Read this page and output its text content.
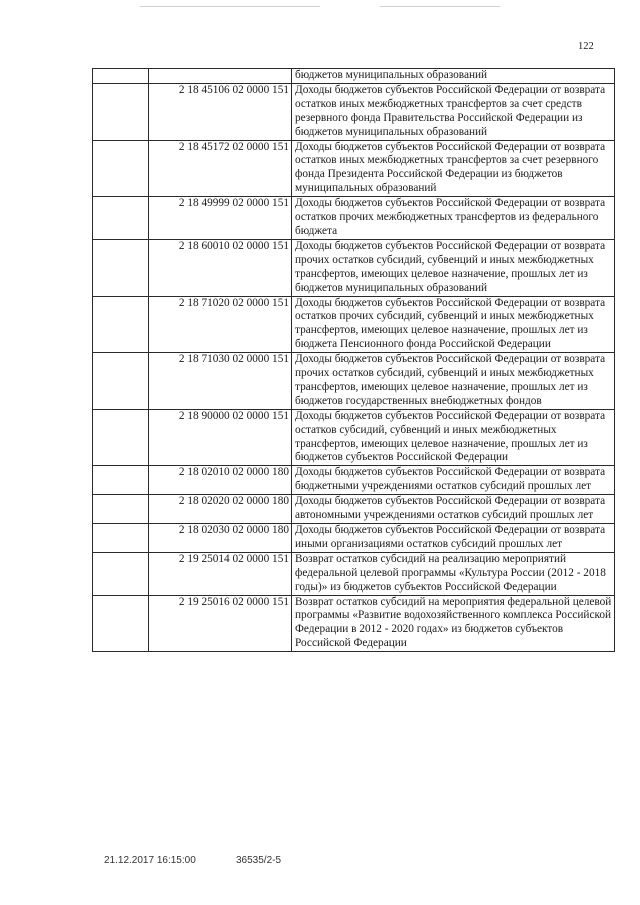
122
		бюджетов муниципальных образований
	2 18 45106 02 0000 151	Доходы бюджетов субъектов Российской Федерации от возврата остатков иных межбюджетных трансфертов за счет средств резервного фонда Правительства Российской Федерации из бюджетов муниципальных образований
	2 18 45172 02 0000 151	Доходы бюджетов субъектов Российской Федерации от возврата остатков иных межбюджетных трансфертов за счет резервного фонда Президента Российской Федерации из бюджетов муниципальных образований
	2 18 49999 02 0000 151	Доходы бюджетов субъектов Российской Федерации от возврата остатков прочих межбюджетных трансфертов из федерального бюджета
	2 18 60010 02 0000 151	Доходы бюджетов субъектов Российской Федерации от возврата прочих остатков субсидий, субвенций и иных межбюджетных трансфертов, имеющих целевое назначение, прошлых лет из бюджетов муниципальных образований
	2 18 71020 02 0000 151	Доходы бюджетов субъектов Российской Федерации от возврата остатков прочих субсидий, субвенций и иных межбюджетных трансфертов, имеющих целевое назначение, прошлых лет из бюджета Пенсионного фонда Российской Федерации
	2 18 71030 02 0000 151	Доходы бюджетов субъектов Российской Федерации от возврата прочих остатков субсидий, субвенций и иных межбюджетных трансфертов, имеющих целевое назначение, прошлых лет из бюджетов государственных внебюджетных фондов
	2 18 90000 02 0000 151	Доходы бюджетов субъектов Российской Федерации от возврата остатков субсидий, субвенций и иных межбюджетных трансфертов, имеющих целевое назначение, прошлых лет из бюджетов субъектов Российской Федерации
	2 18 02010 02 0000 180	Доходы бюджетов субъектов Российской Федерации от возврата бюджетными учреждениями остатков субсидий прошлых лет
	2 18 02020 02 0000 180	Доходы бюджетов субъектов Российской Федерации от возврата автономными учреждениями остатков субсидий прошлых лет
	2 18 02030 02 0000 180	Доходы бюджетов субъектов Российской Федерации от возврата иными организациями остатков субсидий прошлых лет
	2 19 25014 02 0000 151	Возврат остатков субсидий на реализацию мероприятий федеральной целевой программы «Культура России (2012 - 2018 годы)» из бюджетов субъектов Российской Федерации
	2 19 25016 02 0000 151	Возврат остатков субсидий на мероприятия федеральной целевой программы «Развитие водохозяйственного комплекса Российской Федерации в 2012 - 2020 годах» из бюджетов субъектов Российской Федерации
21.12.2017 16:15:00	36535/2-5
